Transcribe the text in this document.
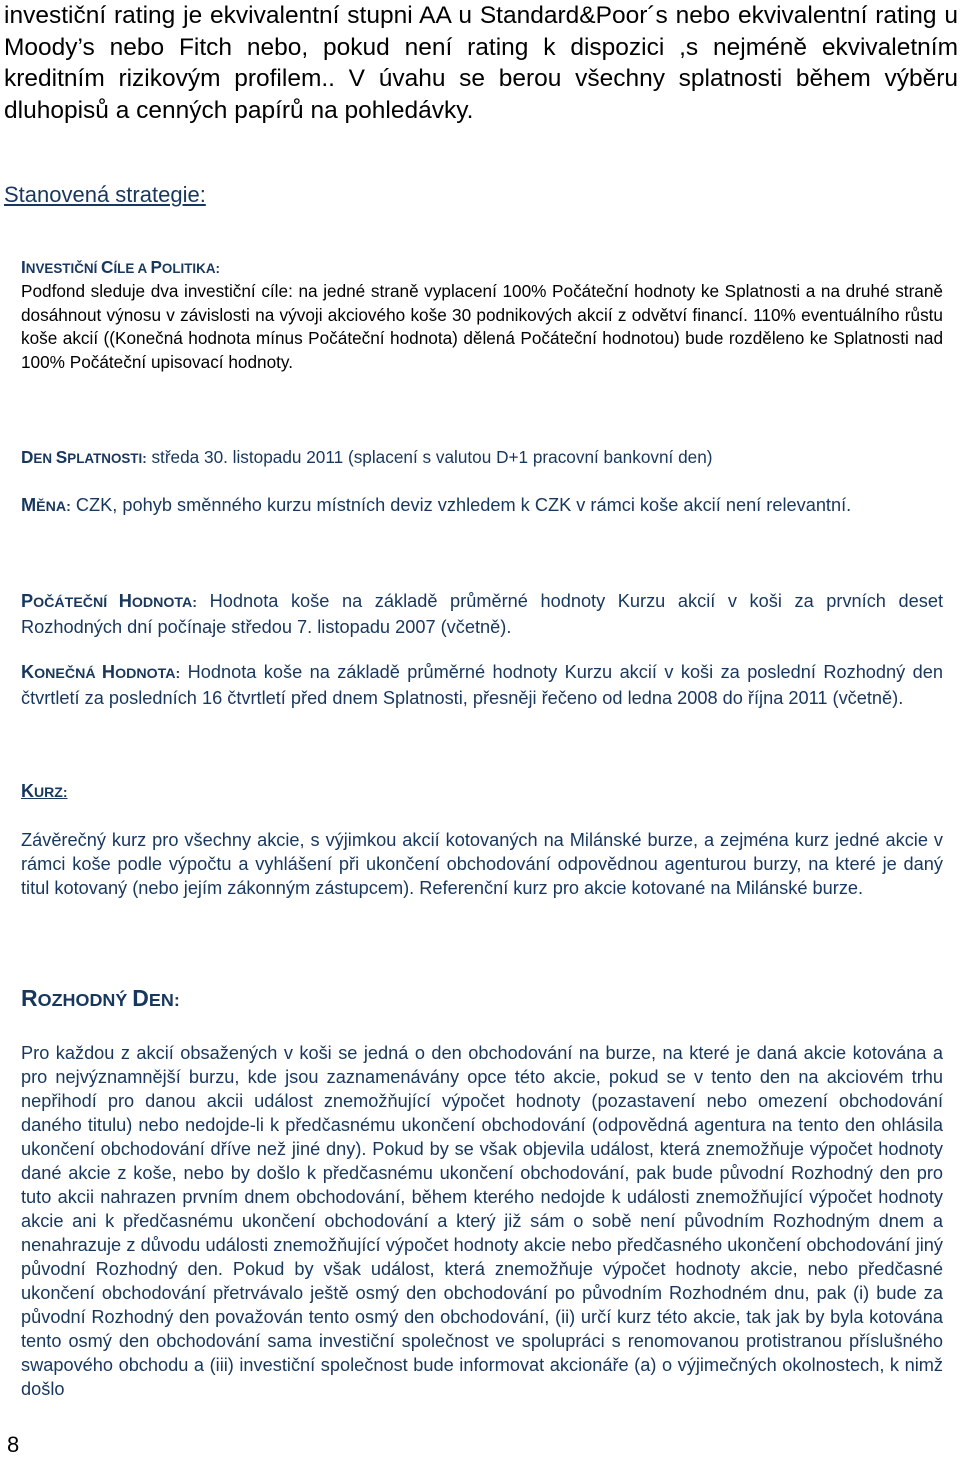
investiční rating je ekvivalentní stupni AA u Standard&Poor´s nebo ekvivalentní rating u Moody’s nebo Fitch nebo, pokud není rating k dispozici ,s nejméně ekvivaletním kreditním rizikovým profilem.. V úvahu se berou všechny splatnosti během výběru dluhopisů a cenných papírů na pohledávky.

Stanovená strategie:

INVESTIČNÍ CÍLE A POLITIKA:
Podfond sleduje dva investiční cíle: na jedné straně vyplacení 100% Počáteční hodnoty ke Splatnosti a na druhé straně dosáhnout výnosu v závislosti na vývoji akciového koše 30 podnikových akcií z odvětví financí. 110% eventuálního růstu koše akcií ((Konečná hodnota mínus Počáteční hodnota) dělená Počáteční hodnotou) bude rozděleno ke Splatnosti nad 100% Počáteční upisovací hodnoty.
DEN SPLATNOSTI: středa 30. listopadu 2011 (splacení s valutou D+1 pracovní bankovní den)
MĚNA: CZK, pohyb směnného kurzu místních deviz vzhledem k CZK v rámci koše akcií není relevantní.
POČÁTEČNÍ HODNOTA: Hodnota koše na základě průměrné hodnoty Kurzu akcií v koši za prvních deset Rozhodných dní počínaje středou 7. listopadu 2007 (včetně).
KONEČNÁ HODNOTA: Hodnota koše na základě průměrné hodnoty Kurzu akcií v koši za poslední Rozhodný den čtvrtletí za posledních 16 čtvrtletí před dnem Splatnosti, přesněji řečeno od ledna 2008 do října 2011 (včetně).
KURZ:
Závěrečný kurz pro všechny akcie, s výjimkou akcií kotovaných na Milánské burze, a zejména kurz jedné akcie v rámci koše podle výpočtu a vyhlášení při ukončení obchodování odpovědnou agenturou burzy, na které je daný titul kotovaný (nebo jejím zákonným zástupcem). Referenční kurz pro akcie kotované na Milánské burze.
ROZHODNÝ DEN:
Pro každou z akcií obsažených v koši se jedná o den obchodování na burze, na které je daná akcie kotována a pro nejvýznamnější burzu, kde jsou zaznamenávány opce této akcie, pokud se v tento den na akciovém trhu nepřihodí pro danou akcii událost znemožňující výpočet hodnoty (pozastavení nebo omezení obchodování daného titulu) nebo nedojde-li k předčasnému ukončení obchodování (odpovědná agentura na tento den ohlásila ukončení obchodování dříve než jiné dny). Pokud by se však objevila událost, která znemožňuje výpočet hodnoty dané akcie z koše, nebo by došlo k předčasnému ukončení obchodování, pak bude původní Rozhodný den pro tuto akcii nahrazen prvním dnem obchodování, během kterého nedojde k události znemožňující výpočet hodnoty akcie ani k předčasnému ukončení obchodování a který již sám o sobě není původním Rozhodným dnem a nenahrazuje z důvodu události znemožňující výpočet hodnoty akcie nebo předčasného ukončení obchodování jiný původní Rozhodný den. Pokud by však událost, která znemožňuje výpočet hodnoty akcie, nebo předčasné ukončení obchodování přetrvávalo ještě osmý den obchodování po původním Rozhodném dnu, pak (i) bude za původní Rozhodný den považován tento osmý den obchodování, (ii) určí kurz této akcie, tak jak by byla kotována tento osmý den obchodování sama investiční společnost ve spolupráci s renomovanou protistranou příslušného swapového obchodu a (iii) investiční společnost bude informovat akcionáře (a) o výjimečných okolnostech, k nimž došlo

8
